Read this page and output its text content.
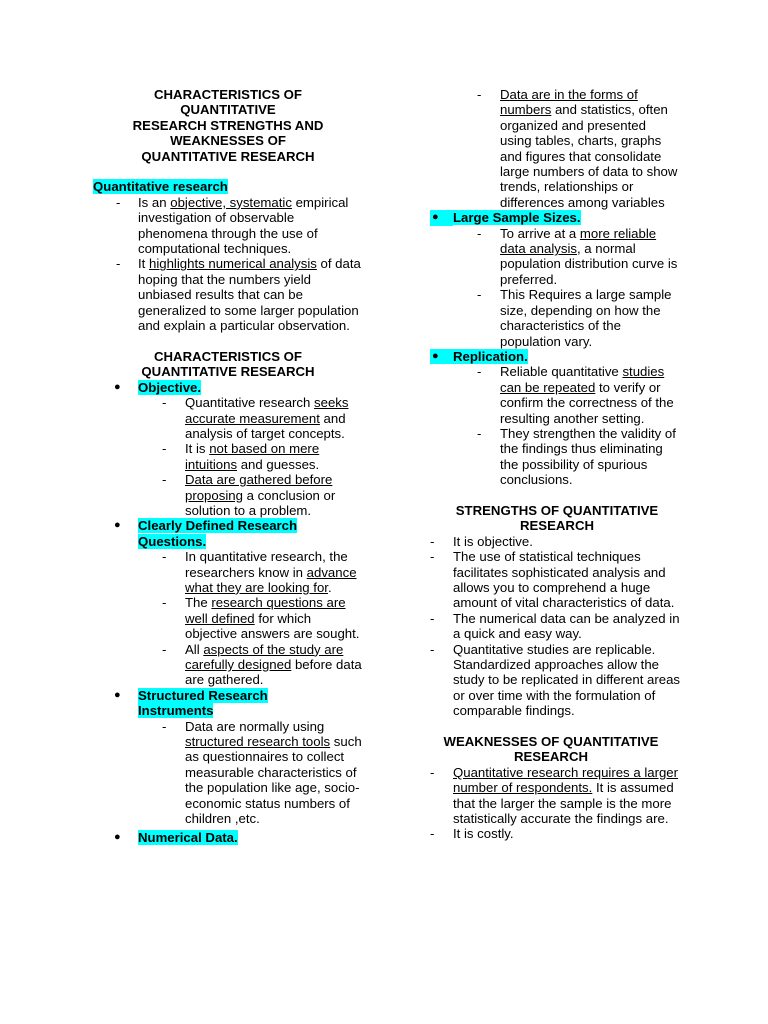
CHARACTERISTICS OF
QUANTITATIVE
RESEARCH STRENGTHS AND
WEAKNESSES OF
QUANTITATIVE RESEARCH
Quantitative research
- Is an objective, systematic empirical investigation of observable phenomena through the use of computational techniques.
- It highlights numerical analysis of data hoping that the numbers yield unbiased results that can be generalized to some larger population and explain a particular observation.
CHARACTERISTICS OF
QUANTITATIVE RESEARCH
● Objective.
- Quantitative research seeks accurate measurement and analysis of target concepts.
- It is not based on mere intuitions and guesses.
- Data are gathered before proposing a conclusion or solution to a problem.
● Clearly Defined Research
Questions.
- In quantitative research, the researchers know in advance what they are looking for.
- The research questions are well defined for which objective answers are sought.
- All aspects of the study are carefully designed before data are gathered.
● Structured Research
Instruments
- Data are normally using structured research tools such as questionnaires to collect measurable characteristics of the population like age, socio-economic status numbers of children ,etc.
● Numerical Data.
- Data are in the forms of numbers and statistics, often organized and presented using tables, charts, graphs and figures that consolidate large numbers of data to show trends, relationships or differences among variables
● Large Sample Sizes.
- To arrive at a more reliable data analysis, a normal population distribution curve is preferred.
- This Requires a large sample size, depending on how the characteristics of the population vary.
● Replication.
- Reliable quantitative studies can be repeated to verify or confirm the correctness of the resulting another setting.
- They strengthen the validity of the findings thus eliminating the possibility of spurious conclusions.
STRENGTHS OF QUANTITATIVE
RESEARCH
- It is objective.
- The use of statistical techniques facilitates sophisticated analysis and allows you to comprehend a huge amount of vital characteristics of data.
- The numerical data can be analyzed in a quick and easy way.
- Quantitative studies are replicable. Standardized approaches allow the study to be replicated in different areas or over time with the formulation of comparable findings.
WEAKNESSES OF QUANTITATIVE
RESEARCH
- Quantitative research requires a larger number of respondents. It is assumed that the larger the sample is the more statistically accurate the findings are.
- It is costly.
